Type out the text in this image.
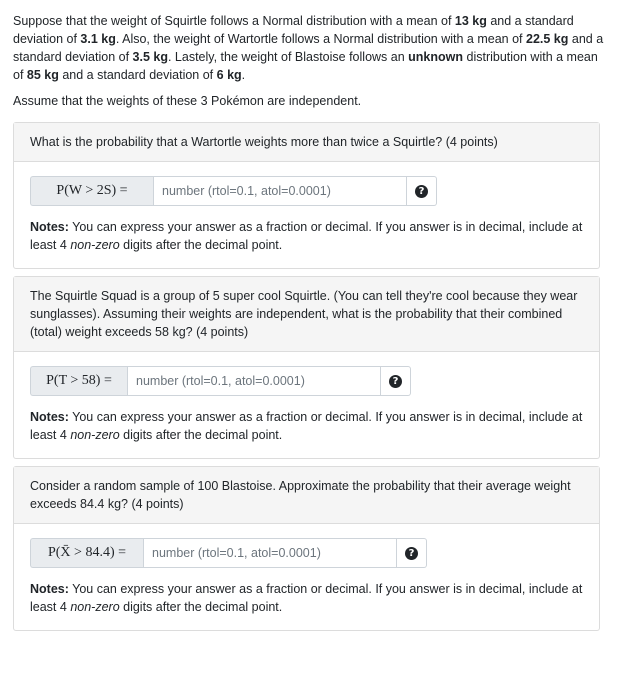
Suppose that the weight of Squirtle follows a Normal distribution with a mean of 13 kg and a standard deviation of 3.1 kg. Also, the weight of Wartortle follows a Normal distribution with a mean of 22.5 kg and a standard deviation of 3.5 kg. Lastely, the weight of Blastoise follows an unknown distribution with a mean of 85 kg and a standard deviation of 6 kg.

Assume that the weights of these 3 Pokémon are independent.

What is the probability that a Wartortle weights more than twice a Squirtle? (4 points)
P(W > 2S) =
number (rtol=0.1, atol=0.0001)	?

Notes: You can express your answer as a fraction or decimal. If you answer is in decimal, include at least 4 non-zero digits after the decimal point.

The Squirtle Squad is a group of 5 super cool Squirtle. (You can tell they're cool because they wear sunglasses). Assuming their weights are independent, what is the probability that their combined (total) weight exceeds 58 kg? (4 points)
P(T > 58) =
number (rtol=0.1, atol=0.0001)	?

Notes: You can express your answer as a fraction or decimal. If you answer is in decimal, include at least 4 non-zero digits after the decimal point.

Consider a random sample of 100 Blastoise. Approximate the probability that their average weight exceeds 84.4 kg? (4 points)
P(X̄ > 84.4) =
number (rtol=0.1, atol=0.0001)	?

Notes: You can express your answer as a fraction or decimal. If you answer is in decimal, include at least 4 non-zero digits after the decimal point.
